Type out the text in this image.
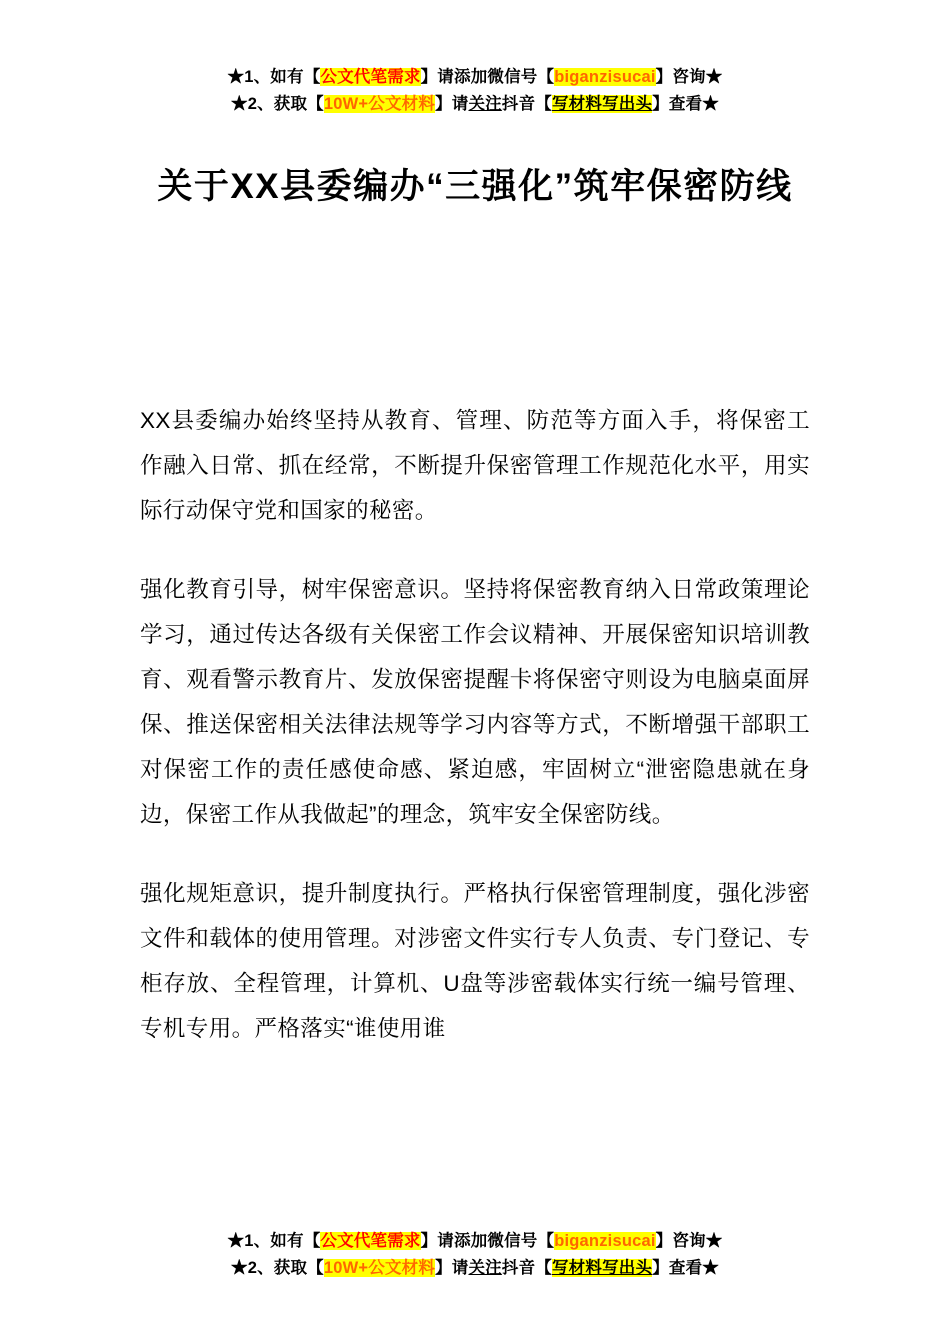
★1、如有【公文代笔需求】请添加微信号【biganzisucai】咨询★
★2、获取【10W+公文材料】请关注抖音【写材料写出头】查看★
关于XX县委编办“三强化”筑牢保密防线

XX县委编办始终坚持从教育、管理、防范等方面入手，将保密工作融入日常、抓在经常，不断提升保密管理工作规范化水平，用实际行动保守党和国家的秘密。

强化教育引导，树牢保密意识。坚持将保密教育纳入日常政策理论学习，通过传达各级有关保密工作会议精神、开展保密知识培训教育、观看警示教育片、发放保密提醒卡将保密守则设为电脑桌面屏保、推送保密相关法律法规等学习内容等方式，不断增强干部职工对保密工作的责任感使命感、紧迫感，牢固树立“泄密隐患就在身边，保密工作从我做起”的理念，筑牢安全保密防线。

强化规矩意识，提升制度执行。严格执行保密管理制度，强化涉密文件和载体的使用管理。对涉密文件实行专人负责、专门登记、专柜存放、全程管理，计算机、U盘等涉密载体实行统一编号管理、专机专用。严格落实“谁使用谁

★1、如有【公文代笔需求】请添加微信号【biganzisucai】咨询★
★2、获取【10W+公文材料】请关注抖音【写材料写出头】查看★
